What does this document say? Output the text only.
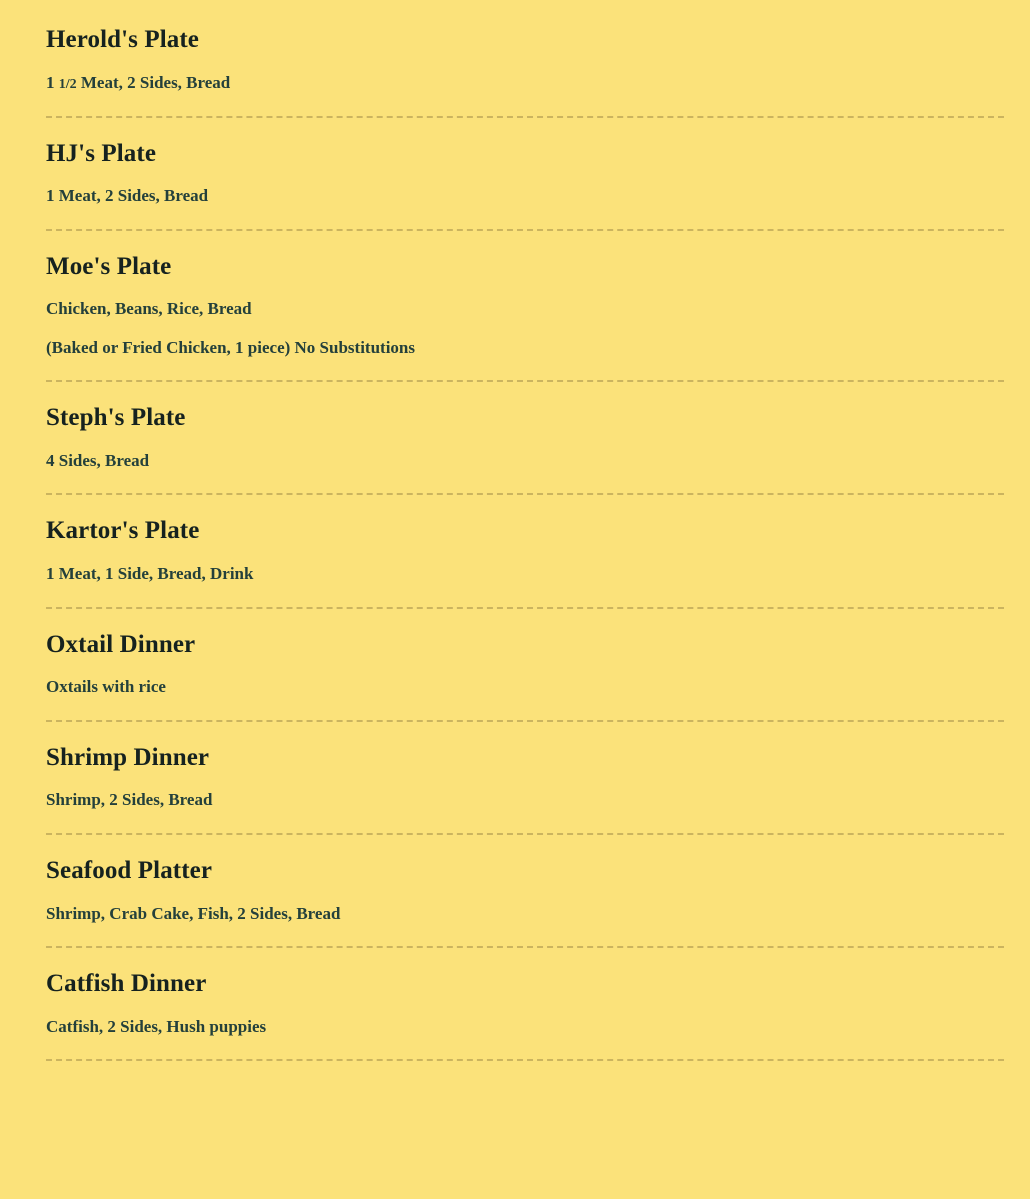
Herold's Plate

1 1/2 Meat, 2 Sides, Bread

HJ's Plate

1 Meat, 2 Sides, Bread

Moe's Plate

Chicken, Beans, Rice, Bread

(Baked or Fried Chicken, 1 piece) No Substitutions

Steph's Plate

4 Sides, Bread

Kartor's Plate

1 Meat, 1 Side, Bread, Drink

Oxtail Dinner

Oxtails with rice

Shrimp Dinner

Shrimp, 2 Sides, Bread

Seafood Platter

Shrimp, Crab Cake, Fish, 2 Sides, Bread

Catfish Dinner

Catfish, 2 Sides, Hush puppies
